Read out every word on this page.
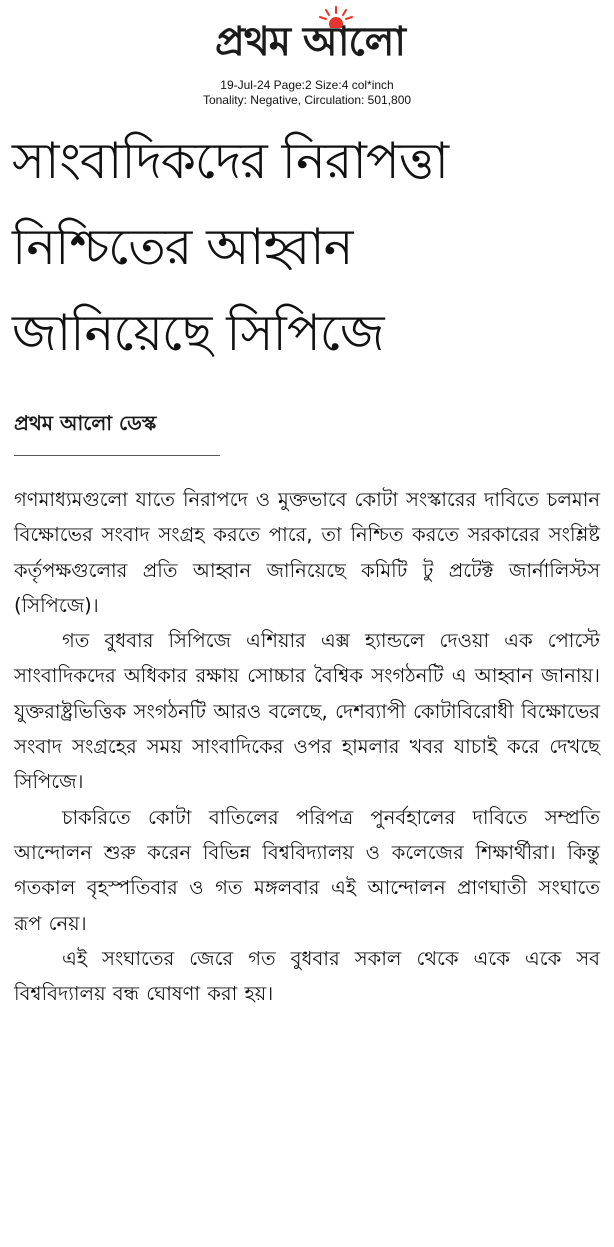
প্রথম আলো
19-Jul-24 Page:2 Size:4 col*inch
Tonality: Negative, Circulation: 501,800
সাংবাদিকদের নিরাপত্তা
নিশ্চিতের আহ্বান
জানিয়েছে সিপিজে
প্রথম আলো ডেস্ক

গণমাধ্যমগুলো যাতে নিরাপদে ও মুক্তভাবে কোটা সংস্কারের দাবিতে চলমান বিক্ষোভের সংবাদ সংগ্রহ করতে পারে, তা নিশ্চিত করতে সরকারের সংশ্লিষ্ট কর্তৃপক্ষগুলোর প্রতি আহ্বান জানিয়েছে কমিটি টু প্রটেক্ট জার্নালিস্টস (সিপিজে)।

গত বুধবার সিপিজে এশিয়ার এক্স হ্যান্ডলে দেওয়া এক পোস্টে সাংবাদিকদের অধিকার রক্ষায় সোচ্চার বৈশ্বিক সংগঠনটি এ আহ্বান জানায়। যুক্তরাষ্ট্রভিত্তিক সংগঠনটি আরও বলেছে, দেশব্যাপী কোটাবিরোধী বিক্ষোভের সংবাদ সংগ্রহের সময় সাংবাদিকের ওপর হামলার খবর যাচাই করে দেখছে সিপিজে।

চাকরিতে কোটা বাতিলের পরিপত্র পুনর্বহালের দাবিতে সম্প্রতি আন্দোলন শুরু করেন বিভিন্ন বিশ্ববিদ্যালয় ও কলেজের শিক্ষার্থীরা। কিন্তু গতকাল বৃহস্পতিবার ও গত মঙ্গলবার এই আন্দোলন প্রাণঘাতী সংঘাতে রূপ নেয়।

এই সংঘাতের জেরে গত বুধবার সকাল থেকে একে একে সব বিশ্ববিদ্যালয় বন্ধ ঘোষণা করা হয়।
